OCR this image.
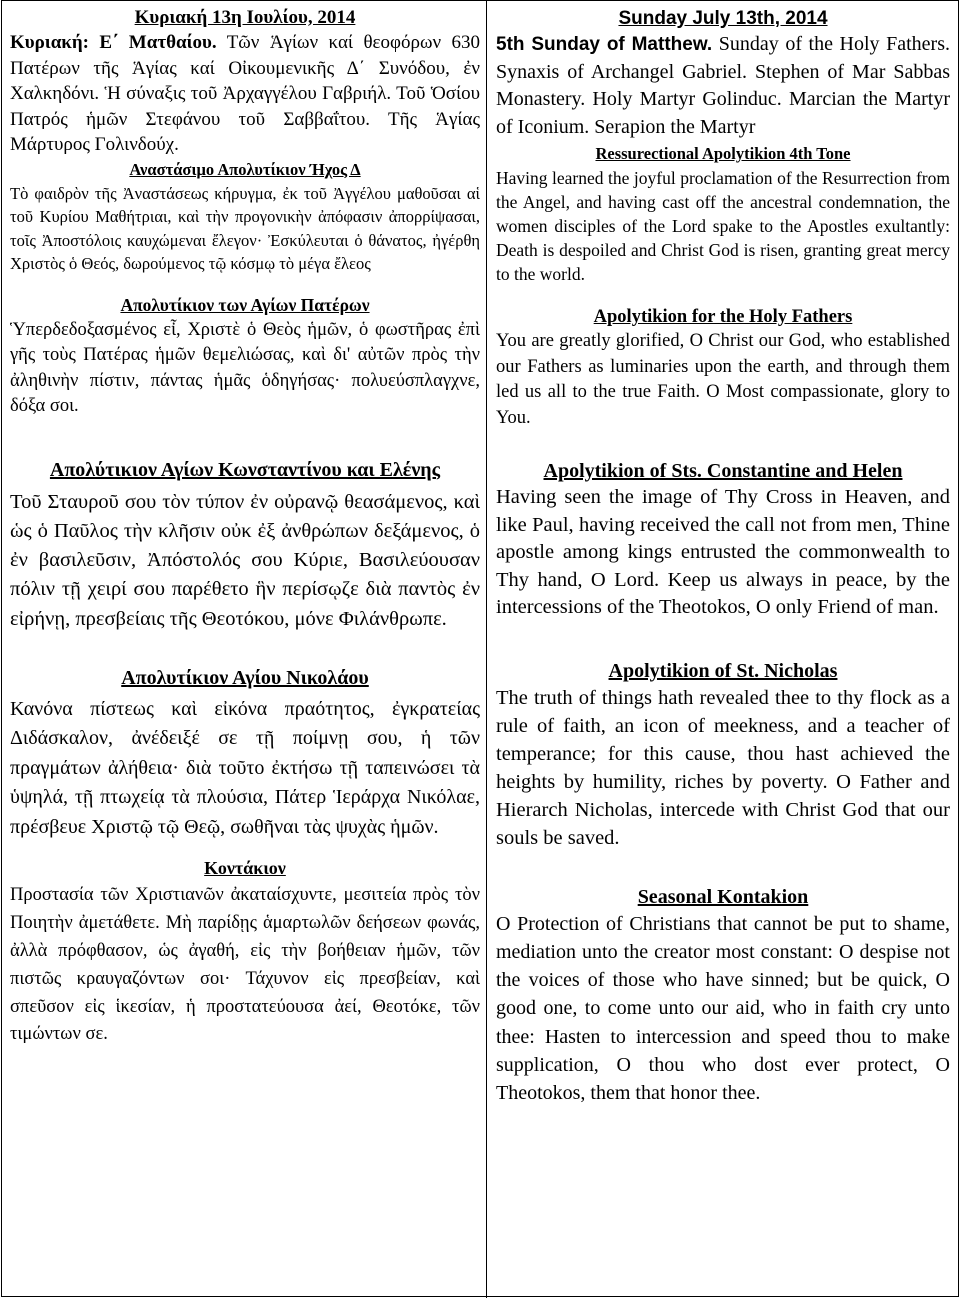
Κυριακή 13η Ιουλίου, 2014

Κυριακή: Ε΄ Ματθαίου. Τῶν Ἁγίων καί θεοφόρων 630 Πατέρων τῆς Ἁγίας καί Οἰκουμενικῆς Δ΄ Συνόδου, ἐν Χαλκηδόνι. Ἡ σύναξις τοῦ Ἀρχαγγέλου Γαβριήλ. Τοῦ Ὁσίου Πατρός ἡμῶν Στεφάνου τοῦ Σαββαΐτου. Τῆς Ἁγίας Μάρτυρος Γολινδούχ.

Αναστάσιμο Απολυτίκιον Ήχος Δ

Τὸ φαιδρὸν τῆς Ἀναστάσεως κήρυγμα, ἐκ τοῦ Ἀγγέλου μαθοῦσαι αἱ τοῦ Κυρίου Μαθήτριαι, καὶ τὴν προγονικὴν ἀπόφασιν ἀπορρίψασαι, τοῖς Ἀποστόλοις καυχώμεναι ἔλεγον· Ἐσκύλευται ὁ θάνατος, ἠγέρθη Χριστὸς ὁ Θεός, δωρούμενος τῷ κόσμῳ τὸ μέγα ἔλεος

Απολυτίκιον των Αγίων Πατέρων

Ὑπερδεδοξασμένος εἶ, Χριστὲ ὁ Θεὸς ἡμῶν, ὁ φωστῆρας ἐπὶ γῆς τοὺς Πατέρας ἡμῶν θεμελιώσας, καὶ δι' αὐτῶν πρὸς τὴν ἀληθινὴν πίστιν, πάντας ἡμᾶς ὁδηγήσας· πολυεύσπλαγχνε, δόξα σοι.

Απολύτικιον Αγίων Κωνσταντίνου και Ελένης

Τοῦ Σταυροῦ σου τὸν τύπον ἐν οὐρανῷ θεασάμενος, καὶ ὡς ὁ Παῦλος τὴν κλῆσιν οὐκ ἐξ ἀνθρώπων δεξάμενος, ὁ ἐν βασιλεῦσιν, Ἀπόστολός σου Κύριε, Βασιλεύουσαν πόλιν τῇ χειρί σου παρέθετο ἣν περίσῳζε διὰ παντὸς ἐν εἰρήνῃ, πρεσβείαις τῆς Θεοτόκου, μόνε Φιλάνθρωπε.

Απολυτίκιον Αγίου Νικολάου

Κανόνα πίστεως καὶ εἰκόνα πραότητος, ἐγκρατείας Διδάσκαλον, ἀνέδειξέ σε τῇ ποίμνῃ σου, ἡ τῶν πραγμάτων ἀλήθεια· διὰ τοῦτο ἐκτήσω τῇ ταπεινώσει τὰ ὑψηλά, τῇ πτωχείᾳ τὰ πλούσια, Πάτερ Ἱεράρχα Νικόλαε, πρέσβευε Χριστῷ τῷ Θεῷ, σωθῆναι τὰς ψυχὰς ἡμῶν.

Κοντάκιον

Προστασία τῶν Χριστιανῶν ἀκαταίσχυντε, μεσιτεία πρὸς τὸν Ποιητὴν ἀμετάθετε. Μὴ παρίδῃς ἁμαρτωλῶν δεήσεων φωνάς, ἀλλὰ πρόφθασον, ὡς ἀγαθή, εἰς τὴν βοήθειαν ἡμῶν, τῶν πιστῶς κραυγαζόντων σοι· Τάχυνον εἰς πρεσβείαν, καὶ σπεῦσον εἰς ἱκεσίαν, ἡ προστατεύουσα ἀεί, Θεοτόκε, τῶν τιμώντων σε.

Sunday July 13th, 2014

5th Sunday of Matthew. Sunday of the Holy Fathers. Synaxis of Archangel Gabriel. Stephen of Mar Sabbas Monastery. Holy Martyr Golinduc. Marcian the Martyr of Iconium. Serapion the Martyr

Ressurectional Apolytikion 4th Tone

Having learned the joyful proclamation of the Resurrection from the Angel, and having cast off the ancestral condemnation, the women disciples of the Lord spake to the Apostles exultantly: Death is despoiled and Christ God is risen, granting great mercy to the world.

Apolytikion for the Holy Fathers

You are greatly glorified, O Christ our God, who established our Fathers as luminaries upon the earth, and through them led us all to the true Faith. O Most compassionate, glory to You.

Apolytikion of Sts. Constantine and Helen

Having seen the image of Thy Cross in Heaven, and like Paul, having received the call not from men, Thine apostle among kings entrusted the commonwealth to Thy hand, O Lord. Keep us always in peace, by the intercessions of the Theotokos, O only Friend of man.

Apolytikion of St. Nicholas

The truth of things hath revealed thee to thy flock as a rule of faith, an icon of meekness, and a teacher of temperance; for this cause, thou hast achieved the heights by humility, riches by poverty. O Father and Hierarch Nicholas, intercede with Christ God that our souls be saved.

Seasonal Kontakion

O Protection of Christians that cannot be put to shame, mediation unto the creator most constant: O despise not the voices of those who have sinned; but be quick, O good one, to come unto our aid, who in faith cry unto thee: Hasten to intercession and speed thou to make supplication, O thou who dost ever protect, O Theotokos, them that honor thee.
